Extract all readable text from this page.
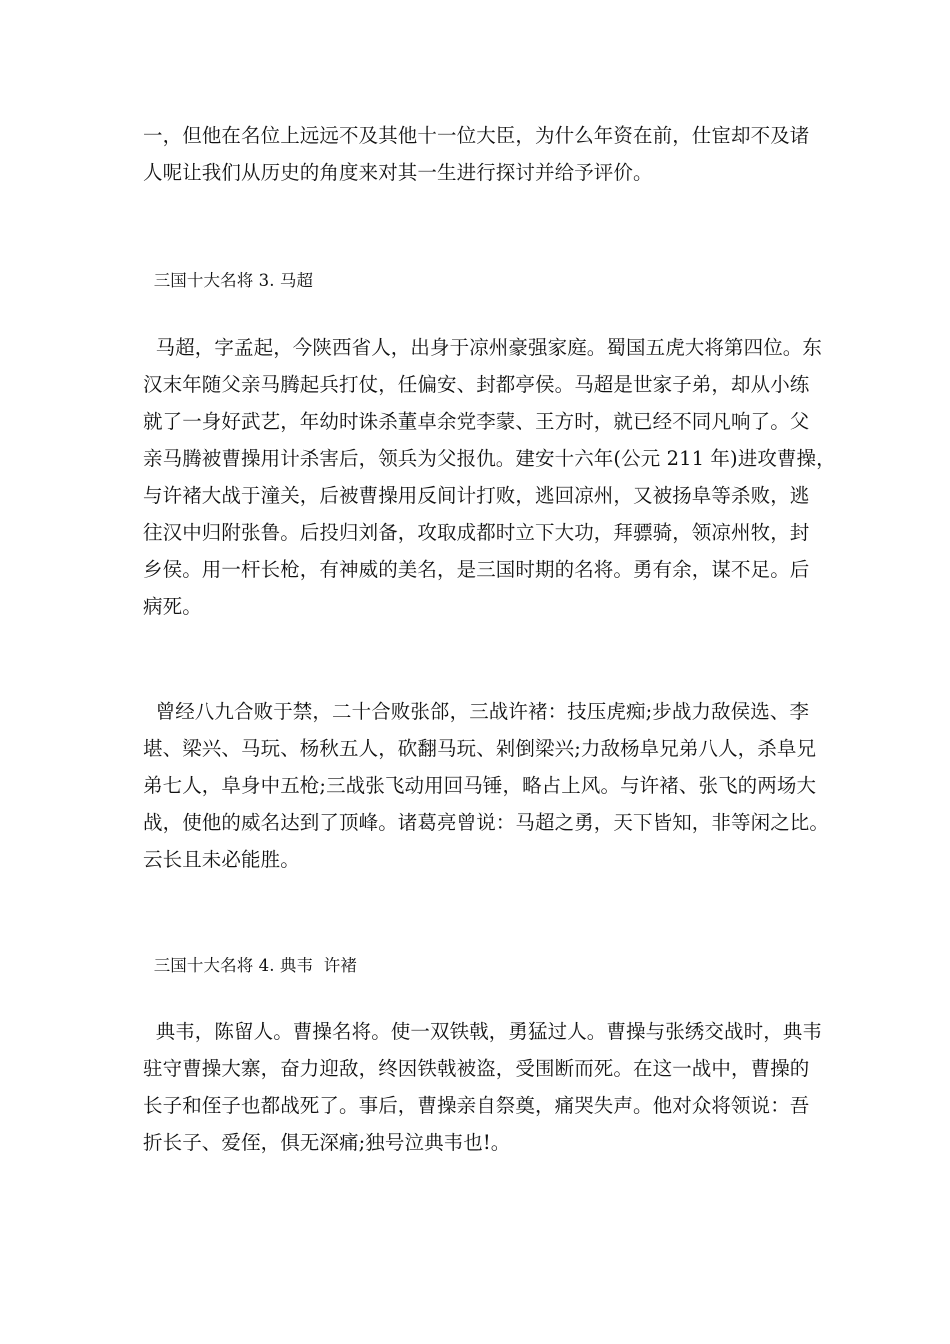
一，但他在名位上远远不及其他十一位大臣，为什么年资在前，仕宦却不及诸
人呢让我们从历史的角度来对其一生进行探讨并给予评价。
三国十大名将 3. 马超
马超，字孟起，今陕西省人，出身于凉州豪强家庭。蜀国五虎大将第四位。东
汉末年随父亲马腾起兵打仗，任偏安、封都亭侯。马超是世家子弟，却从小练
就了一身好武艺，年幼时诛杀董卓余党李蒙、王方时，就已经不同凡响了。父
亲马腾被曹操用计杀害后，领兵为父报仇。建安十六年(公元 211 年)进攻曹操，
与许褚大战于潼关，后被曹操用反间计打败，逃回凉州，又被扬阜等杀败，逃
往汉中归附张鲁。后投归刘备，攻取成都时立下大功，拜骠骑，领凉州牧，封
乡侯。用一杆长枪，有神威的美名，是三国时期的名将。勇有余，谋不足。后
病死。
曾经八九合败于禁，二十合败张郃，三战许褚：技压虎痴;步战力敌侯选、李
堪、梁兴、马玩、杨秋五人，砍翻马玩、剁倒梁兴;力敌杨阜兄弟八人，杀阜兄
弟七人，阜身中五枪;三战张飞动用回马锤，略占上风。与许褚、张飞的两场大
战，使他的威名达到了顶峰。诸葛亮曾说：马超之勇，天下皆知，非等闲之比。
云长且未必能胜。
三国十大名将 4. 典韦  许褚
典韦，陈留人。曹操名将。使一双铁戟，勇猛过人。曹操与张绣交战时，典韦
驻守曹操大寨，奋力迎敌，终因铁戟被盗，受围断而死。在这一战中，曹操的
长子和侄子也都战死了。事后，曹操亲自祭奠，痛哭失声。他对众将领说：吾
折长子、爱侄，俱无深痛;独号泣典韦也!。
